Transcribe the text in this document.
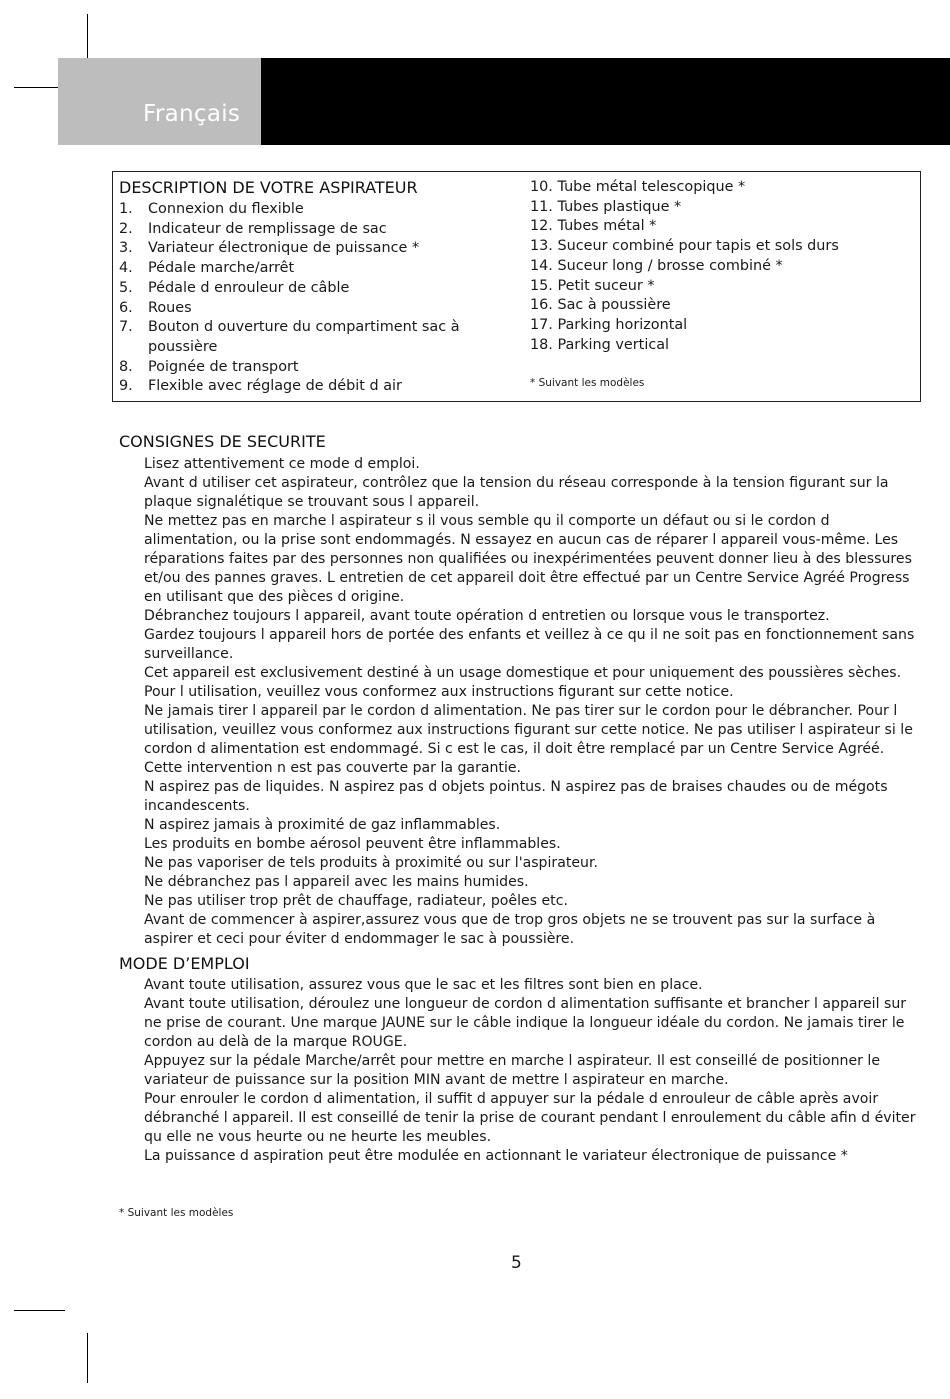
Français
DESCRIPTION DE VOTRE ASPIRATEUR
1. Connexion du flexible
2. Indicateur de remplissage de sac
3. Variateur électronique de puissance *
4. Pédale marche/arrêt
5. Pédale d enrouleur de câble
6. Roues
7. Bouton d ouverture du compartiment sac à poussière
8. Poignée de transport
9. Flexible avec réglage de débit d air
10. Tube métal telescopique *
11. Tubes plastique *
12. Tubes métal *
13. Suceur combiné pour tapis et sols durs
14. Suceur long / brosse combiné *
15. Petit suceur *
16. Sac à poussière
17. Parking horizontal
18. Parking vertical
* Suivant les modèles
CONSIGNES DE SECURITE

Lisez attentivement ce mode d emploi.

Avant d utiliser cet aspirateur, contrôlez que la tension du réseau corresponde à la tension figurant sur la plaque signalétique se trouvant sous l appareil.

Ne mettez pas en marche l aspirateur s il vous semble qu il comporte un défaut ou si le cordon d alimentation, ou la prise sont endommagés. N essayez en aucun cas de réparer l appareil vous-même. Les réparations faites par des personnes non qualifiées ou inexpérimentées peuvent donner lieu à des blessures et/ou des pannes graves. L entretien de cet appareil doit être effectué par un Centre Service Agréé Progress en utilisant que des pièces d origine.

Débranchez toujours l appareil, avant toute opération d entretien ou lorsque vous le transportez.

Gardez toujours l appareil hors de portée des enfants et veillez à ce qu il ne soit pas en fonctionnement sans surveillance.

Cet appareil est exclusivement destiné à un usage domestique et pour uniquement des poussières sèches. Pour l utilisation, veuillez vous conformez aux instructions figurant sur cette notice.

Ne jamais tirer l appareil par le cordon d alimentation. Ne pas tirer sur le cordon pour le débrancher. Pour l utilisation, veuillez vous conformez aux instructions figurant sur cette notice. Ne pas utiliser l aspirateur si le cordon d alimentation est endommagé. Si c est le cas, il doit être remplacé par un Centre Service Agréé. Cette intervention n est pas couverte par la garantie.

N aspirez pas de liquides. N aspirez pas d objets pointus. N aspirez pas de braises chaudes ou de mégots incandescents.

N aspirez jamais à proximité de gaz inflammables.

Les produits en bombe aérosol peuvent être inflammables.

Ne pas vaporiser de tels produits à proximité ou sur l'aspirateur.

Ne débranchez pas l appareil avec les mains humides.

Ne pas utiliser trop prêt de chauffage, radiateur, poêles etc.

Avant de commencer à aspirer,assurez vous que de trop gros objets ne se trouvent pas sur la surface à aspirer et ceci pour éviter d endommager le sac à poussière.

MODE D’EMPLOI

Avant toute utilisation, assurez vous que le sac et les filtres sont bien en place.

Avant toute utilisation, déroulez une longueur de cordon d alimentation suffisante et brancher l appareil sur ne prise de courant. Une marque JAUNE sur le câble indique la longueur idéale du cordon. Ne jamais tirer le cordon au delà de la marque ROUGE.

Appuyez sur la pédale Marche/arrêt pour mettre en marche l aspirateur. Il est conseillé de positionner le variateur de puissance sur la position MIN avant de mettre l aspirateur en marche.

Pour enrouler le cordon d alimentation, il suffit d appuyer sur la pédale d enrouleur de câble après avoir débranché l appareil. Il est conseillé de tenir la prise de courant pendant l enroulement du câble afin d éviter qu elle ne vous heurte ou ne heurte les meubles.

La puissance d aspiration peut être modulée en actionnant le variateur électronique de puissance *

* Suivant les modèles
5
